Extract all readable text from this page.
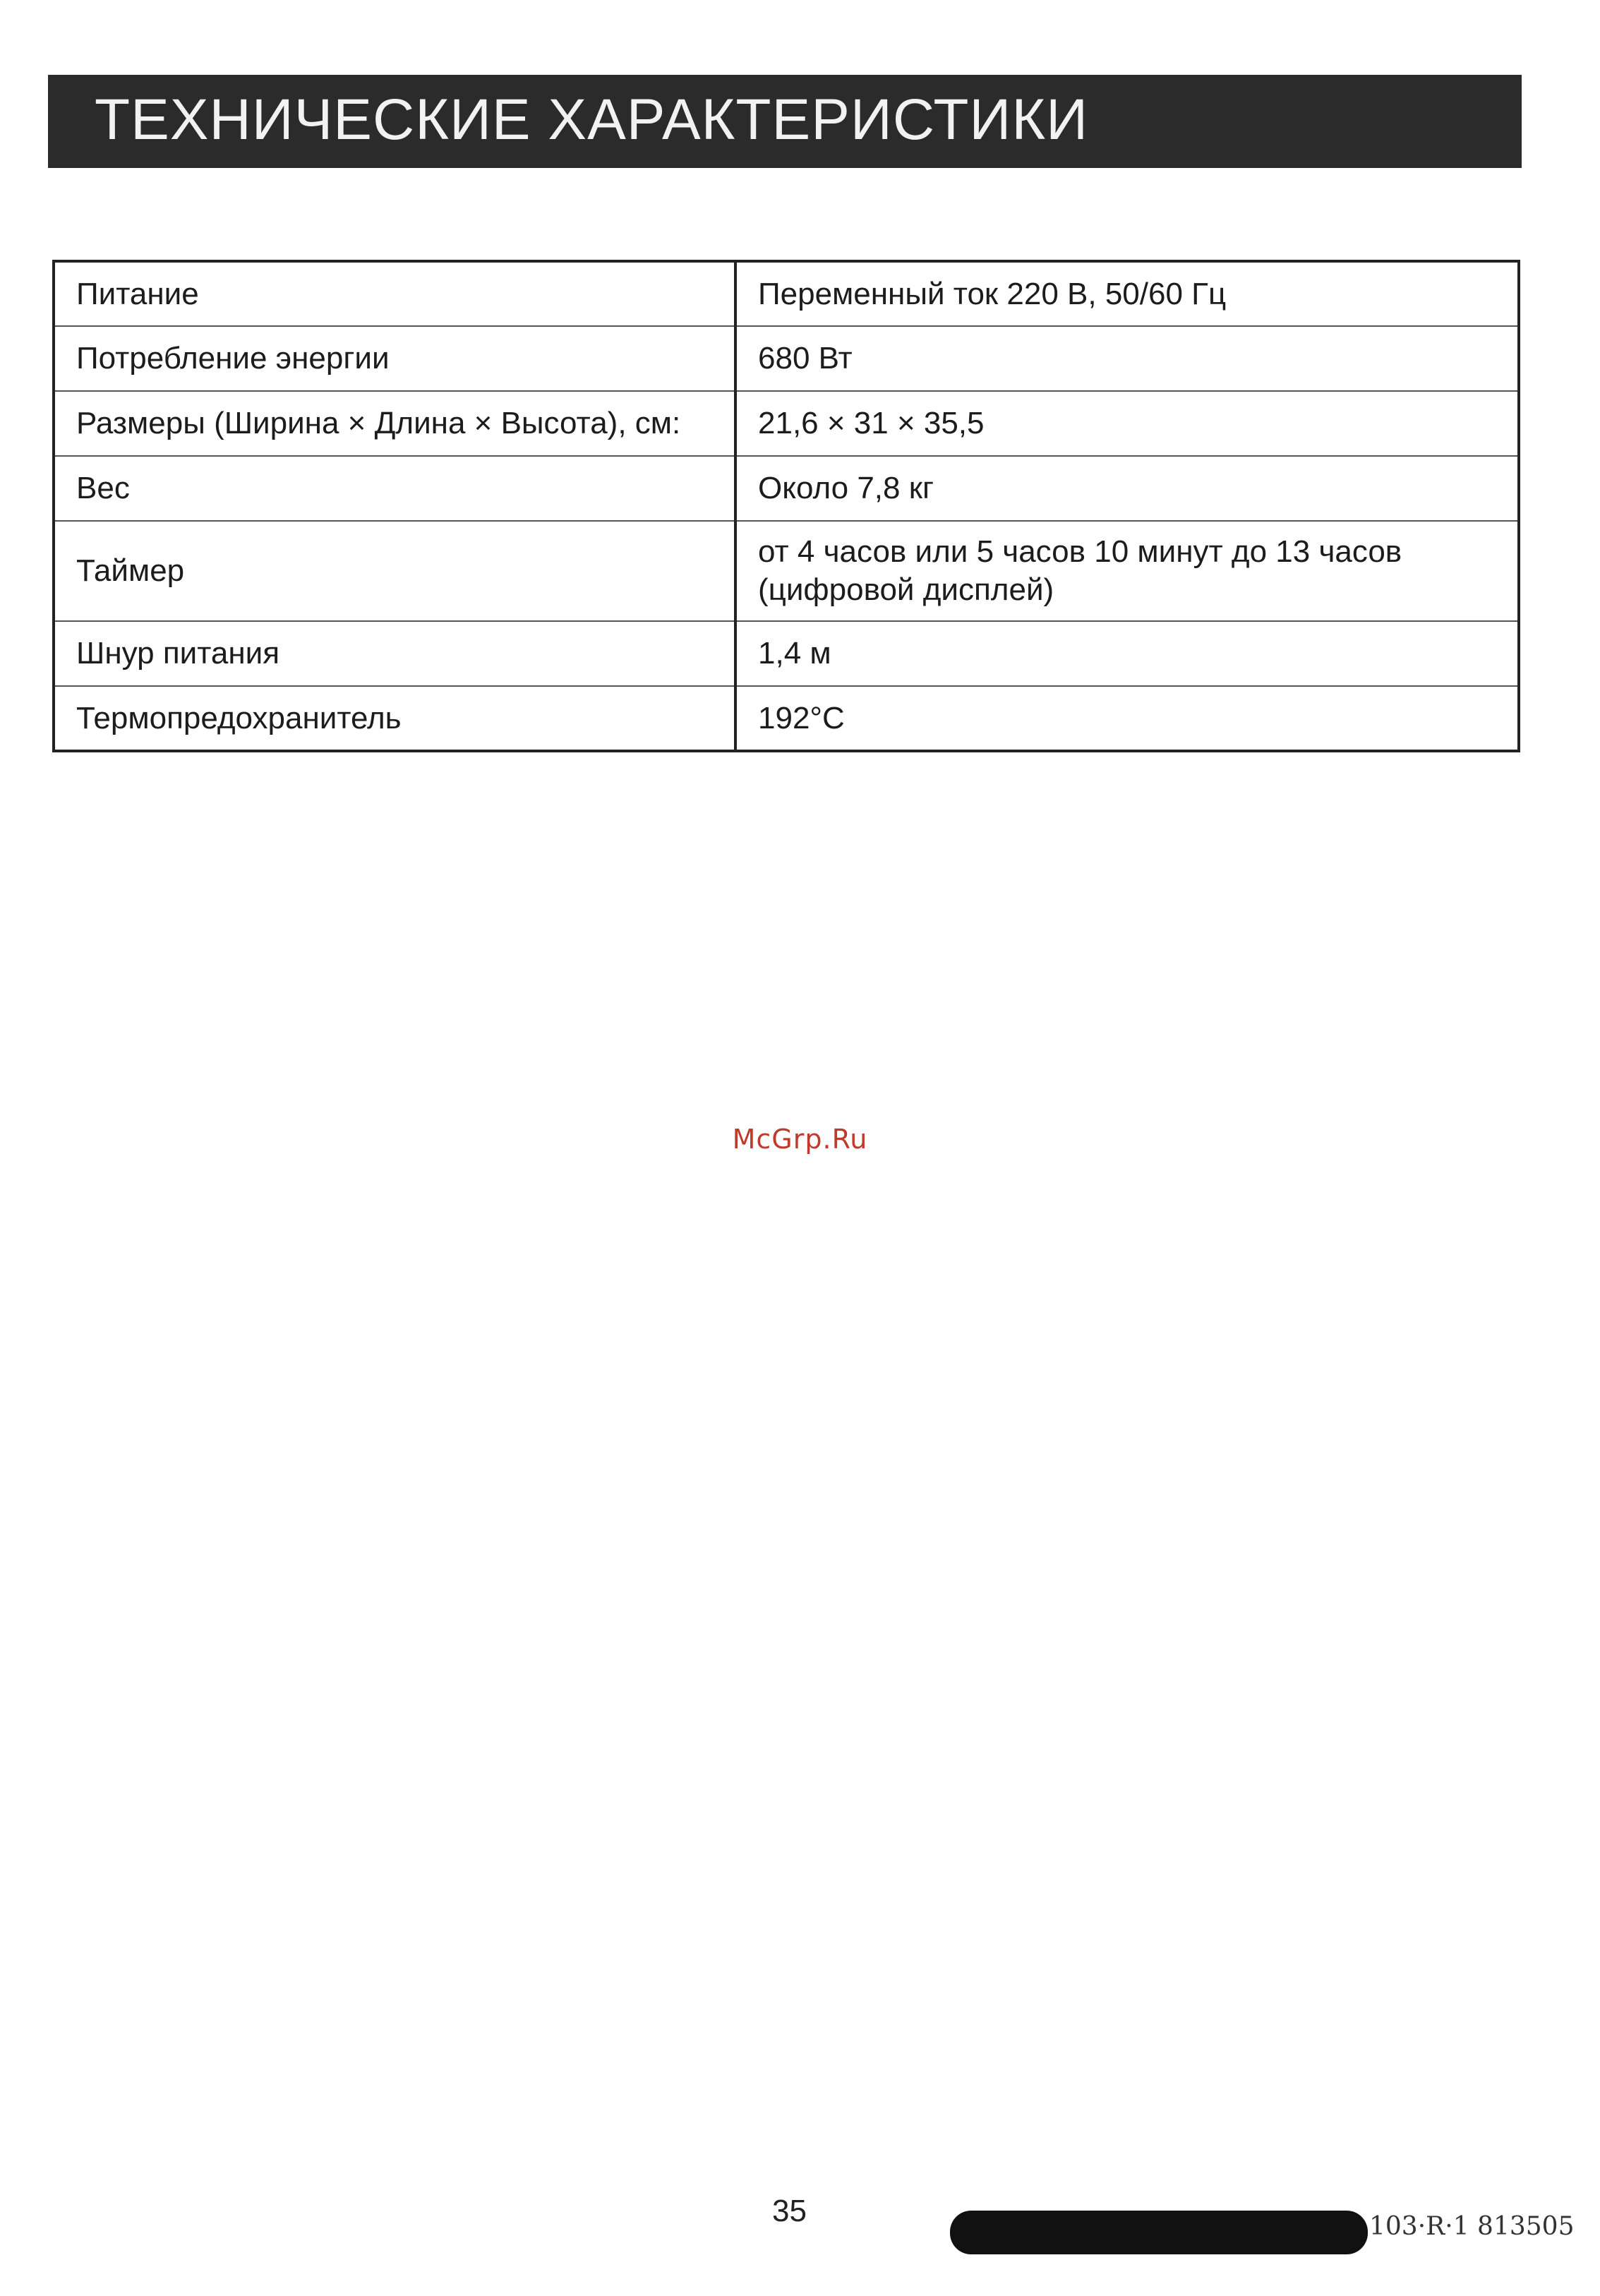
ТЕХНИЧЕСКИЕ ХАРАКТЕРИСТИКИ
Питание	Переменный ток 220 В, 50/60 Гц
Потребление энергии	680 Вт
Размеры (Ширина × Длина × Высота), см:	21,6 × 31 × 35,5
Вес	Около 7,8 кг
Таймер	от 4 часов или 5 часов 10 минут до 13 часов
(цифровой дисплей)

Шнур питания	1,4 м
Термопредохранитель	192°C
McGrp.Ru
35	103·R·1 813505
